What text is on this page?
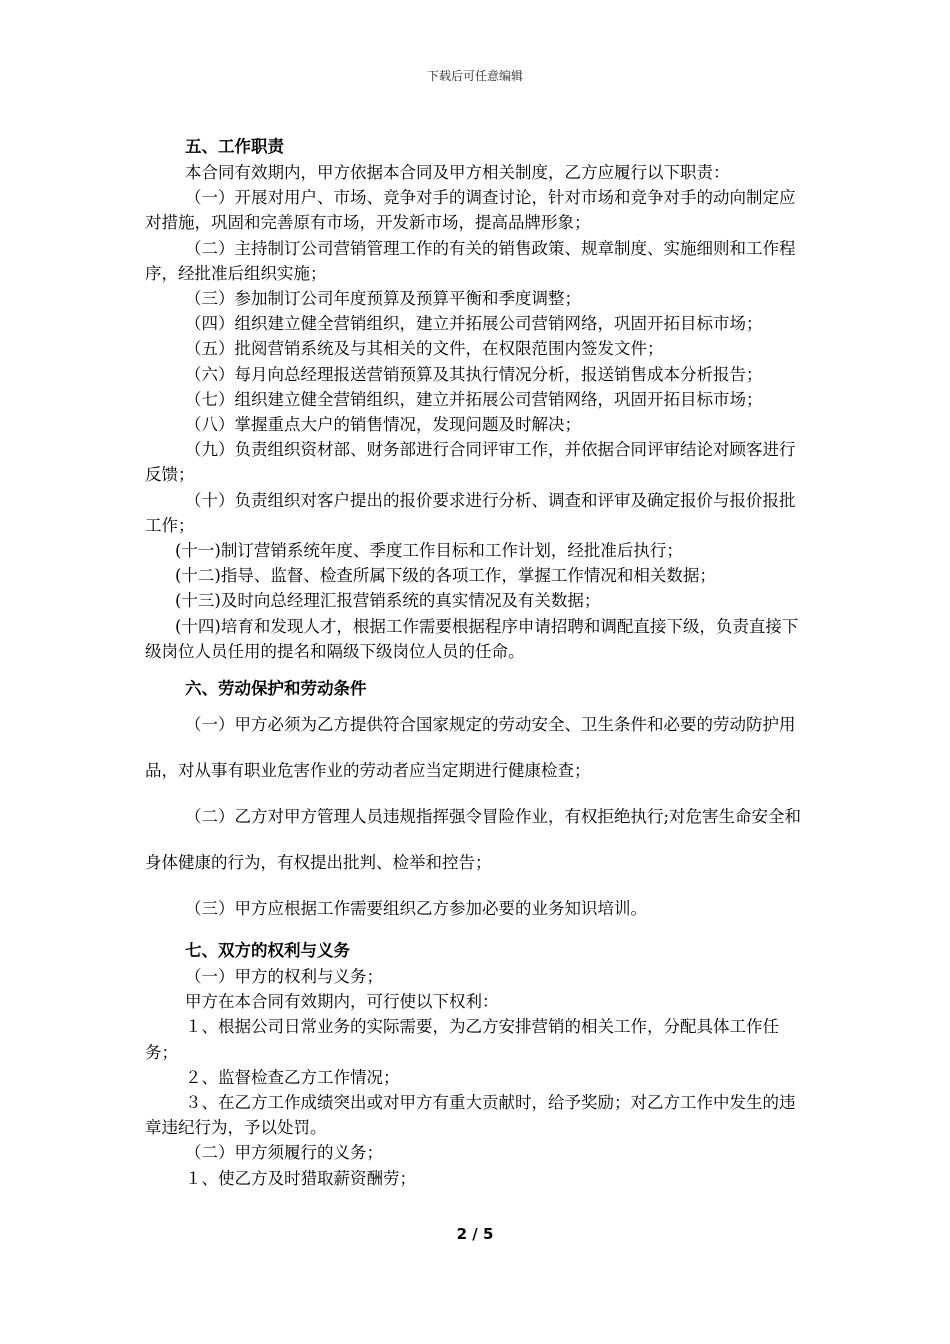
下载后可任意编辑

五、工作职责

本合同有效期内，甲方依据本合同及甲方相关制度，乙方应履行以下职责：

（一）开展对用户、市场、竞争对手的调查讨论，针对市场和竞争对手的动向制定应对措施，巩固和完善原有市场，开发新市场，提高品牌形象；

（二）主持制订公司营销管理工作的有关的销售政策、规章制度、实施细则和工作程序，经批准后组织实施；

（三）参加制订公司年度预算及预算平衡和季度调整；

（四）组织建立健全营销组织，建立并拓展公司营销网络，巩固开拓目标市场；

（五）批阅营销系统及与其相关的文件，在权限范围内签发文件；

（六）每月向总经理报送营销预算及其执行情况分析，报送销售成本分析报告；

（七）组织建立健全营销组织，建立并拓展公司营销网络，巩固开拓目标市场；

（八）掌握重点大户的销售情况，发现问题及时解决；

（九）负责组织资材部、财务部进行合同评审工作，并依据合同评审结论对顾客进行反馈；

（十）负责组织对客户提出的报价要求进行分析、调查和评审及确定报价与报价报批工作；

(十一)制订营销系统年度、季度工作目标和工作计划，经批准后执行；

(十二)指导、监督、检查所属下级的各项工作，掌握工作情况和相关数据；

(十三)及时向总经理汇报营销系统的真实情况及有关数据；

(十四)培育和发现人才，根据工作需要根据程序申请招聘和调配直接下级，负责直接下级岗位人员任用的提名和隔级下级岗位人员的任命。

六、劳动保护和劳动条件

（一）甲方必须为乙方提供符合国家规定的劳动安全、卫生条件和必要的劳动防护用品，对从事有职业危害作业的劳动者应当定期进行健康检查；

（二）乙方对甲方管理人员违规指挥强令冒险作业，有权拒绝执行;对危害生命安全和身体健康的行为，有权提出批判、检举和控告；

（三）甲方应根据工作需要组织乙方参加必要的业务知识培训。

七、双方的权利与义务

（一）甲方的权利与义务；

甲方在本合同有效期内，可行使以下权利：

１、根据公司日常业务的实际需要，为乙方安排营销的相关工作，分配具体工作任务；

２、监督检查乙方工作情况；

３、在乙方工作成绩突出或对甲方有重大贡献时，给予奖励；对乙方工作中发生的违章违纪行为，予以处罚。

（二）甲方须履行的义务；

１、使乙方及时猎取薪资酬劳；

2 / 5
